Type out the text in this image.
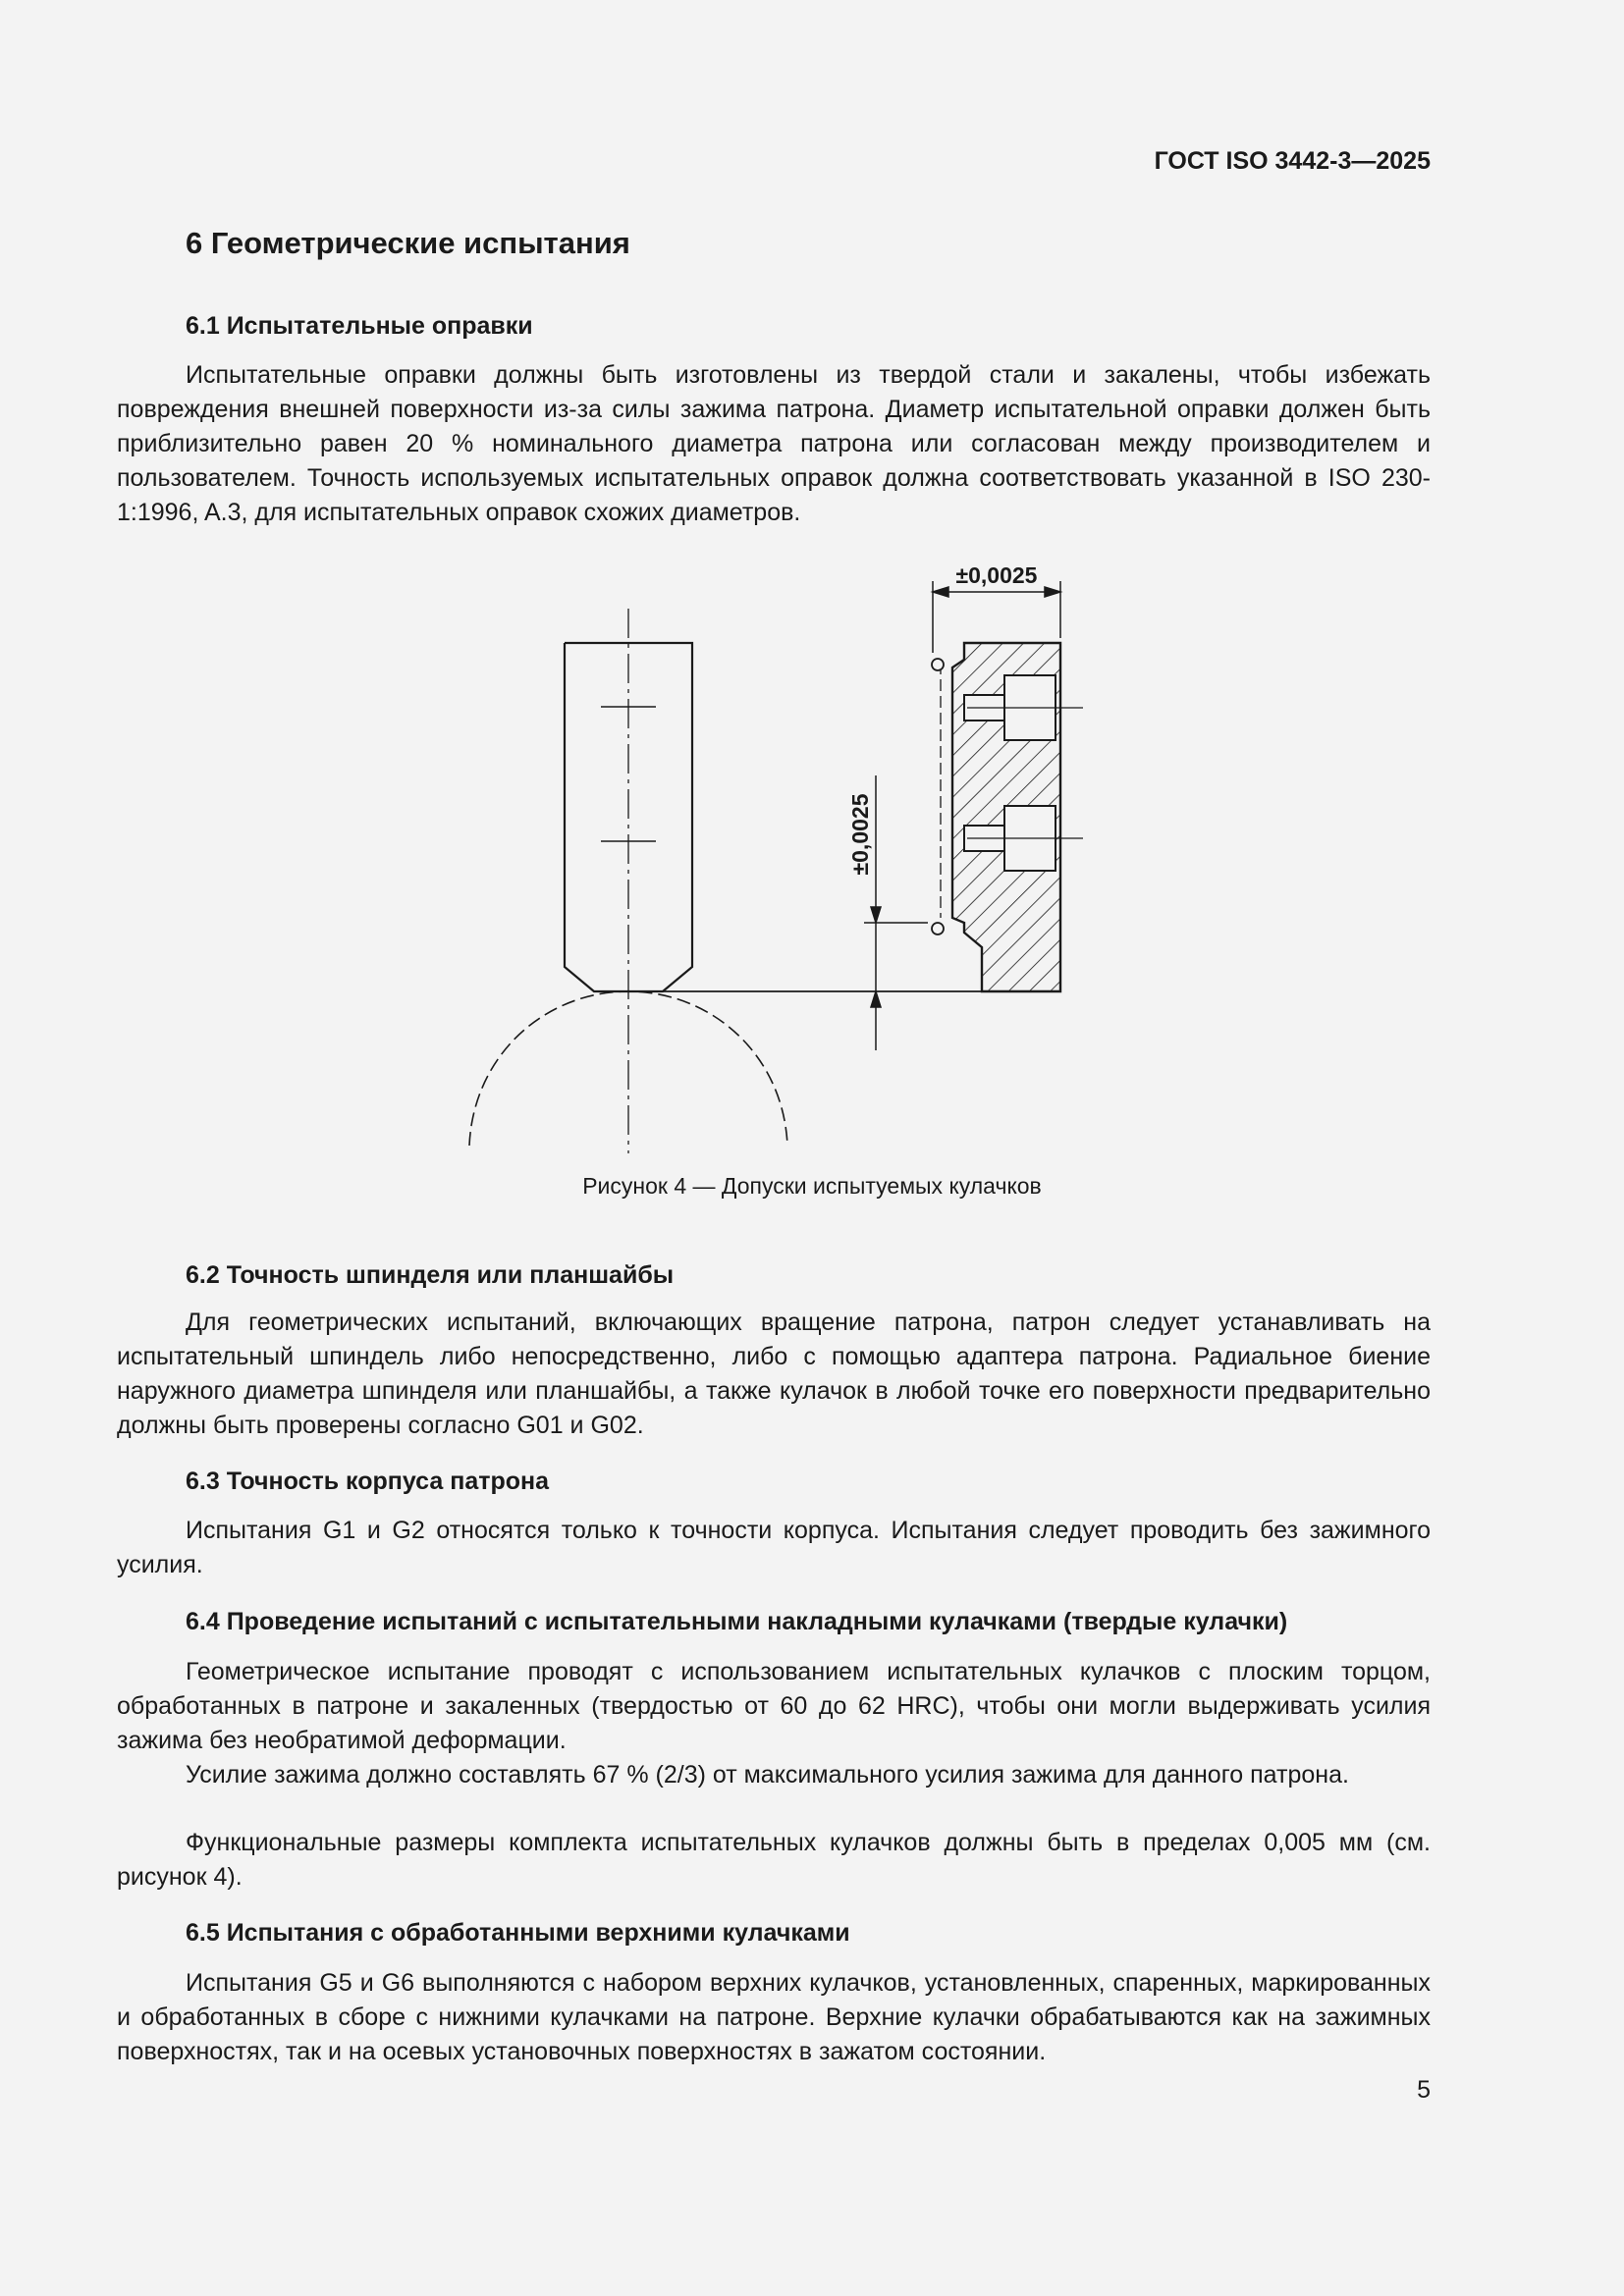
ГОСТ ISO 3442-3—2025
6 Геометрические испытания
6.1 Испытательные оправки

Испытательные оправки должны быть изготовлены из твердой стали и закалены, чтобы избежать повреждения внешней поверхности из-за силы зажима патрона. Диаметр испытательной оправки должен быть приблизительно равен 20 % номинального диаметра патрона или согласован между производителем и пользователем. Точность используемых испытательных оправок должна соответствовать указанной в ISO 230-1:1996, A.3, для испытательных оправок схожих диаметров.

±0,0025
±0,0025
Рисунок 4 — Допуски испытуемых кулачков
6.2 Точность шпинделя или планшайбы

Для геометрических испытаний, включающих вращение патрона, патрон следует устанавливать на испытательный шпиндель либо непосредственно, либо с помощью адаптера патрона. Радиальное биение наружного диаметра шпинделя или планшайбы, а также кулачок в любой точке его поверхности предварительно должны быть проверены согласно G01 и G02.

6.3 Точность корпуса патрона

Испытания G1 и G2 относятся только к точности корпуса. Испытания следует проводить без зажимного усилия.

6.4 Проведение испытаний с испытательными накладными кулачками (твердые кулачки)

Геометрическое испытание проводят с использованием испытательных кулачков с плоским торцом, обработанных в патроне и закаленных (твердостью от 60 до 62 HRC), чтобы они могли выдерживать усилия зажима без необратимой деформации.

Усилие зажима должно составлять 67 % (2/3) от максимального усилия зажима для данного патрона.

Функциональные размеры комплекта испытательных кулачков должны быть в пределах 0,005 мм (см. рисунок 4).

6.5 Испытания с обработанными верхними кулачками

Испытания G5 и G6 выполняются с набором верхних кулачков, установленных, спаренных, маркированных и обработанных в сборе с нижними кулачками на патроне. Верхние кулачки обрабатываются как на зажимных поверхностях, так и на осевых установочных поверхностях в зажатом состоянии.

5
